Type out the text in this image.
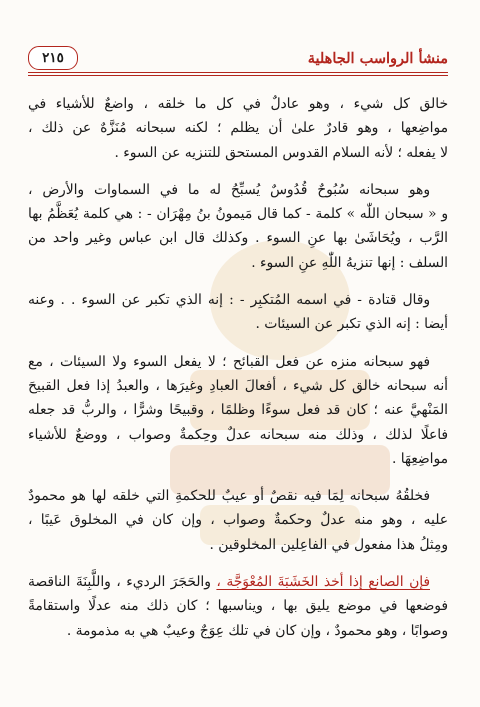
منشأ الرواسب الجاهلية
٢١٥

خالق كل شيء ، وهو عادلٌ في كل ما خلقه ، واضعٌ للأشياء في
مواضِعها ، وهو قادرٌ علىٰ أن يظلم ؛ لكنه سبحانه مُنَزَّهٌ عن ذلك ،
لا يفعله ؛ لأنه السلام القدوس المستحق للتنزيه عن السوء .

وهو سبحانه سُبُوحٌ قُدُوسٌ يُسبِّحُ له ما في السماوات والأرض ،
و « سبحان اللّٰه » كلمة - كما قال مَيمونُ بنُ مِهْرَان - : هي كلمة يُعَظَّمُ بها
الرَّب ، ويُحَاشَىٰ بها عنِ السوء . وكذلك قال ابن عباس وغير واحد من
السلف : إنها تنزيهُ اللّٰهِ عنِ السوء .

وقال قتادة - في اسمه المُتكبِر - : إنه الذي تكبر عن السوء . . وعنه
أيضا : إنه الذي تكبر عن السيئات .

فهو سبحانه منزه عن فعل القبائح ؛ لا يفعل السوء ولا السيئات ، مع
أنه سبحانه خالق كل شيء ، أفعالَ العبادِ وغيرَها ، والعبدُ إذا فعل القبيحَ
المَنْهيَّ عنه ؛ كان قد فعل سوءًا وظلمًا ، وقبيحًا وشرًّا ، والربُّ قد جعله
فاعلًا لذلك ، وذلك منه سبحانه عدلٌ وحِكمةٌ وصواب ، ووضعٌ للأشياء
مواضِعِهَا .

فخلقُهُ سبحانه لِمَا فيه نقصٌ أو عيبٌ للحكمةِ التي خلقه لها هو محمودٌ
عليه ، وهو منه عدلٌ وحكمةٌ وصواب ، وإن كان في المخلوق عَيبًا ،
ومِثلُ هذا مفعول في الفاعِلين المخلوقين .

فإن الصانع إذا أخذ الخَشَبَةَ المُعْوَجَّة ، والحَجَرَ الرديء ، واللَّبِنَةَ الناقصة
فوضعها في موضع يليق بها ، ويناسبها ؛ كان ذلك منه عدلًا واستقامةً
وصوابًا ، وهو محمودٌ ، وإن كان في تلك عِوَجٌ وعيبٌ هي به مذمومة .
